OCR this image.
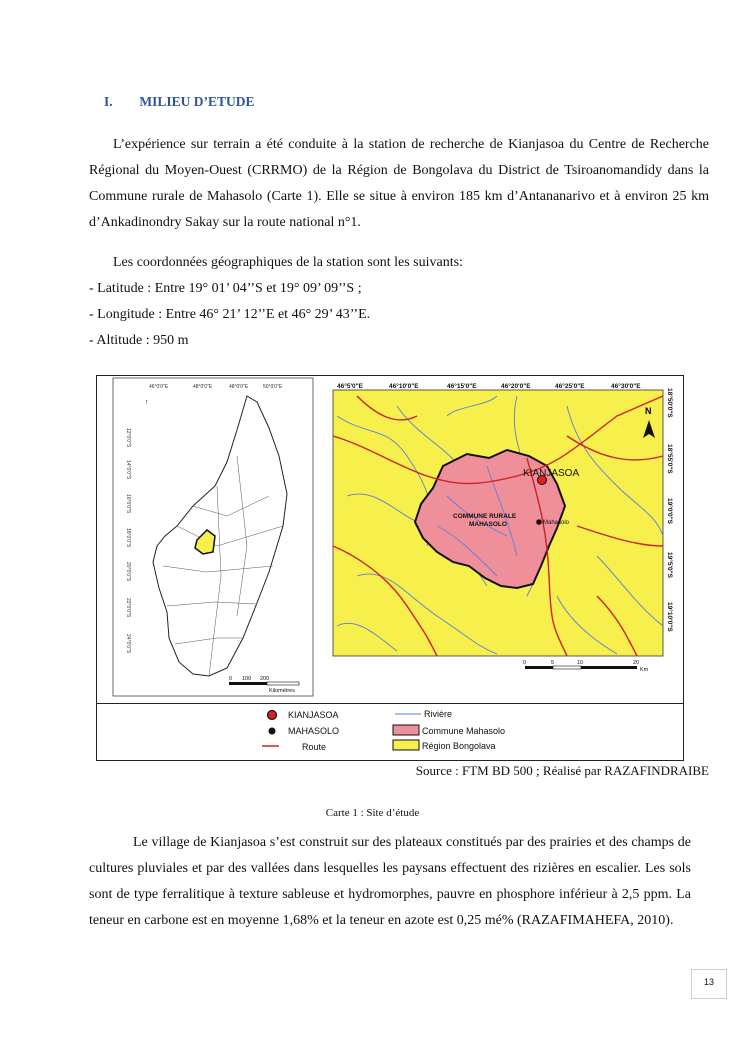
I. MILIEU D’ETUDE
L’expérience sur terrain a été conduite à la station de recherche de Kianjasoa du Centre de Recherche Régional du Moyen-Ouest (CRRMO) de la Région de Bongolava du District de Tsiroanomandidy dans la Commune rurale de Mahasolo (Carte 1). Elle se situe à environ 185 km d’Antananarivo et à environ 25 km d’Ankadinondry Sakay sur la route national n°1.
Les coordonnées géographiques de la station sont les suivants:
- Latitude : Entre 19° 01’ 04’’S et 19° 09’ 09’’S ;
- Longitude : Entre 46° 21’ 12’’E et 46° 29’ 43’’E.
- Altitude : 950 m
46°0'0"E	48°0'0"E	48°0'0"E	50°0'0"E
12°0'0"S
14°0'0"S
16°0'0"S
18°0'0"S
20°0'0"S
22°0'0"S
24°0'0"S
↑
0 100 200
Kilomètres
46°5'0"E	46°10'0"E	46°15'0"E	46°20'0"E	46°25'0"E	46°30'0"E
18°50'0"S
18°55'0"S
19°0'0"S
19°5'0"S
19°10'0"S
KIANJASOA
Mahasolo
COMMUNE RURALE
MAHASOLO
N
0	5	10	20
Km
KIANJASOA
MAHASOLO
Route
Rivière
Commune Mahasolo
Région Bongolava
Source : FTM BD 500 ; Réalisé par RAZAFINDRAIBE
Carte 1 : Site d’étude
Le village de Kianjasoa s’est construit sur des plateaux constitués par des prairies et des champs de cultures pluviales et par des vallées dans lesquelles les paysans effectuent des rizières en escalier. Les sols sont de type ferralitique à texture sableuse et hydromorphes, pauvre en phosphore inférieur à 2,5 ppm. La teneur en carbone est en moyenne 1,68% et la teneur en azote est 0,25 mé% (RAZAFIMAHEFA, 2010).
13
